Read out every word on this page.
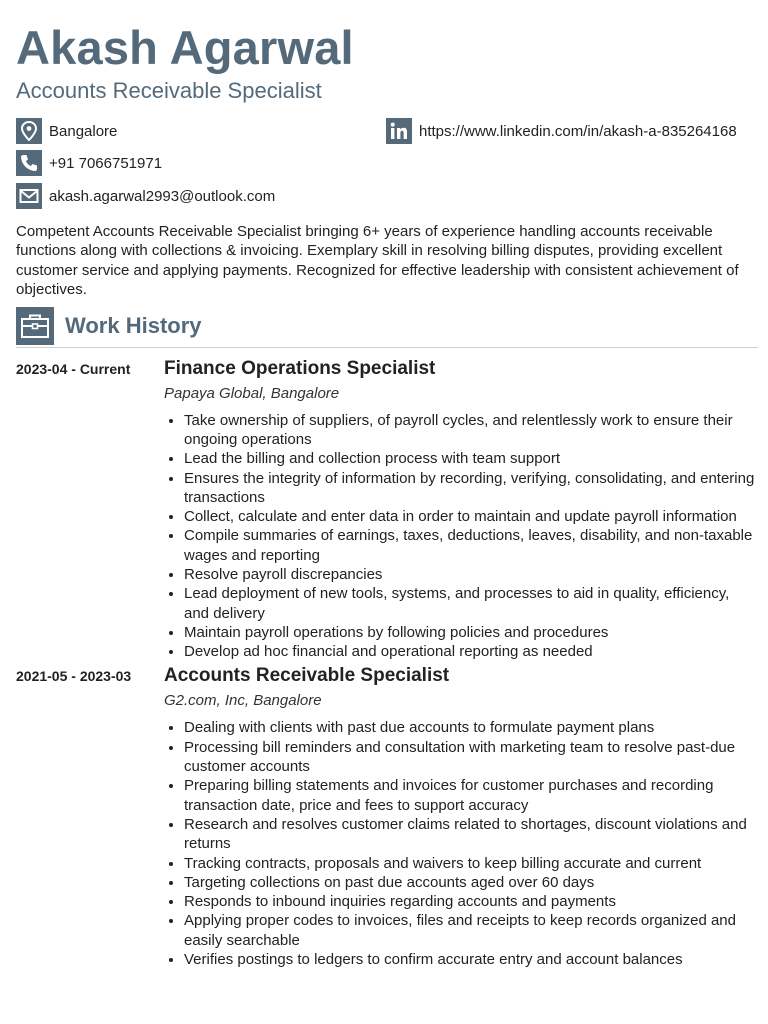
Akash Agarwal
Accounts Receivable Specialist
Bangalore	https://www.linkedin.com/in/akash-a-835264168
+91 7066751971
akash.agarwal2993@outlook.com
Competent Accounts Receivable Specialist bringing 6+ years of experience handling accounts receivable functions along with collections & invoicing. Exemplary skill in resolving billing disputes, providing excellent customer service and applying payments. Recognized for effective leadership with consistent achievement of objectives.
Work History
2023-04 - Current	Finance Operations Specialist
Papaya Global, Bangalore
• Take ownership of suppliers, of payroll cycles, and relentlessly work to ensure their ongoing operations
• Lead the billing and collection process with team support
• Ensures the integrity of information by recording, verifying, consolidating, and entering transactions
• Collect, calculate and enter data in order to maintain and update payroll information
• Compile summaries of earnings, taxes, deductions, leaves, disability, and non-taxable wages and reporting
• Resolve payroll discrepancies
• Lead deployment of new tools, systems, and processes to aid in quality, efficiency, and delivery
• Maintain payroll operations by following policies and procedures
• Develop ad hoc financial and operational reporting as needed
2021-05 - 2023-03	Accounts Receivable Specialist
G2.com, Inc, Bangalore
• Dealing with clients with past due accounts to formulate payment plans
• Processing bill reminders and consultation with marketing team to resolve past-due customer accounts
• Preparing billing statements and invoices for customer purchases and recording transaction date, price and fees to support accuracy
• Research and resolves customer claims related to shortages, discount violations and returns
• Tracking contracts, proposals and waivers to keep billing accurate and current
• Targeting collections on past due accounts aged over 60 days
• Responds to inbound inquiries regarding accounts and payments
• Applying proper codes to invoices, files and receipts to keep records organized and easily searchable
• Verifies postings to ledgers to confirm accurate entry and account balances
